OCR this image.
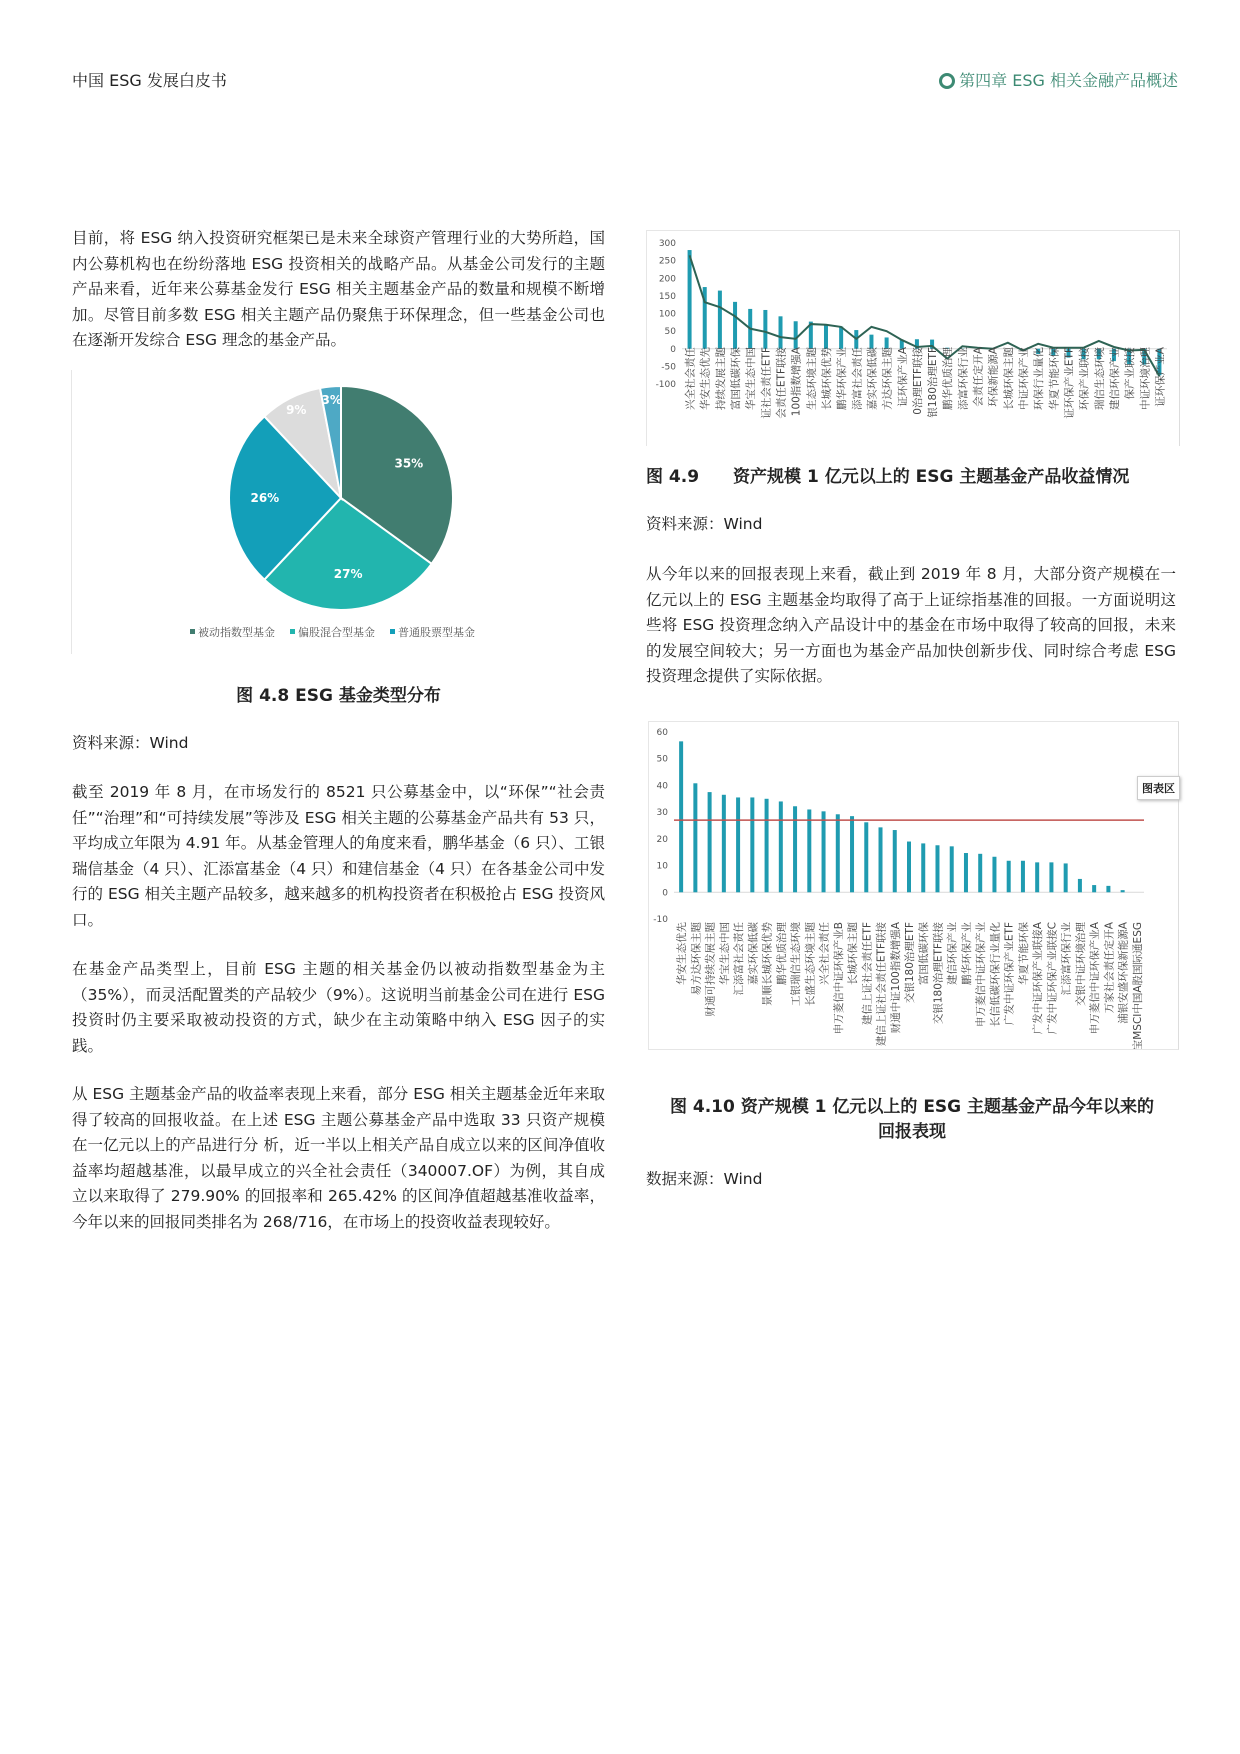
中国 ESG 发展白皮书	第四章 ESG 相关金融产品概述
目前，将 ESG 纳入投资研究框架已是未来全球资产管理行业的大势所趋，国内公募机构也在纷纷落地 ESG 投资相关的战略产品。从基金公司发行的主题产品来看，近年来公募基金发行 ESG 相关主题基金产品的数量和规模不断增加。尽管目前多数 ESG 相关主题产品仍聚焦于环保理念，但一些基金公司也在逐渐开发综合 ESG 理念的基金产品。
35%
27%
26%
9%
3%
被动指数型基金 偏股混合型基金 普通股票型基金
图 4.8 ESG 基金类型分布
资料来源：Wind
截至 2019 年 8 月，在市场发行的 8521 只公募基金中，以“环保”“社会责任”“治理”和“可持续发展”等涉及 ESG 相关主题的公募基金产品共有 53 只，平均成立年限为 4.91 年。从基金管理人的角度来看，鹏华基金（6 只）、工银瑞信基金（4 只）、汇添富基金（4 只）和建信基金（4 只）在各基金公司中发行的 ESG 相关主题产品较多，越来越多的机构投资者在积极抢占 ESG 投资风口。
在基金产品类型上，目前 ESG 主题的相关基金仍以被动指数型基金为主（35%），而灵活配置类的产品较少（9%）。这说明当前基金公司在进行 ESG 投资时仍主要采取被动投资的方式，缺少在主动策略中纳入 ESG 因子的实践。
从 ESG 主题基金产品的收益率表现上来看，部分 ESG 相关主题基金近年来取得了较高的回报收益。在上述 ESG 主题公募基金产品中选取 33 只资产规模在一亿元以上的产品进行分 析，近一半以上相关产品自成立以来的区间净值收益率均超越基准，以最早成立的兴全社会责任（340007.OF）为例，其自成立以来取得了 279.90% 的回报率和 265.42% 的区间净值超越基准收益率，今年以来的回报同类排名为 268/716，在市场上的投资收益表现较好。
300
250
200
150
100
50
0
-50
-100 兴全社会责任 华安生态优先 持续发展主题 富国低碳环保 华宝生态中国 证社会责任ETF 会责任ETF联接 100指数增强A 生态环境主题 长城环保优势 鹏华环保产业 添富社会责任 嘉实环保低碳 方达环保主题 证环保产业A 0治理ETF联接 银180治理ETF 鹏华优质治理 添富环保行业 会责任定开A 环保新能源A 长城环保主题 中证环保产业 环保行业量化 华夏节能环保 证环保产业ETF 环保产业联接 瑞信生态环境 建信环保产业 保产业联接 中证环境治理 证环保产业A
图 4.9　　资产规模 1 亿元以上的 ESG 主题基金产品收益情况
资料来源：Wind
从今年以来的回报表现上来看，截止到 2019 年 8 月，大部分资产规模在一亿元以上的 ESG 主题基金均取得了高于上证综指基准的回报。一方面说明这些将 ESG 投资理念纳入产品设计中的基金在市场中取得了较高的回报，未来的发展空间较大；另一方面也为基金产品加快创新步伐、同时综合考虑 ESG 投资理念提供了实际依据。
60
50
40
30
20
10
0
-10
华安生态优先 易方达环保主题 财通可持续发展主题 华宝生态中国 汇添富社会责任 嘉实环保低碳 景顺长城环保优势 鹏华优质治理 工银瑞信生态环境 长盛生态环境主题 兴全社会责任 申万菱信中证环保产业B 长城环保主题 建信上证社会责任ETF 建信上证社会责任ETF联接 财通中证100指数增强A 交银180治理ETF 富国低碳环保 交银180治理ETF联接 建信环保产业 鹏华环保产业 申万菱信中证环保产业 长信低碳环保行业量化 广发中证环保产业ETF 华夏节能环保 广发中证环保产业联接A 广发中证环保产业联接C 汇添富环保行业 交银中证环境治理 申万菱信中证环保产业A 万家社会责任定开A 浦银安盛环保新能源A 华宝MSCI中国A股国际通ESG
图表区
图 4.10 资产规模 1 亿元以上的 ESG 主题基金产品今年以来的
回报表现
数据来源：Wind
